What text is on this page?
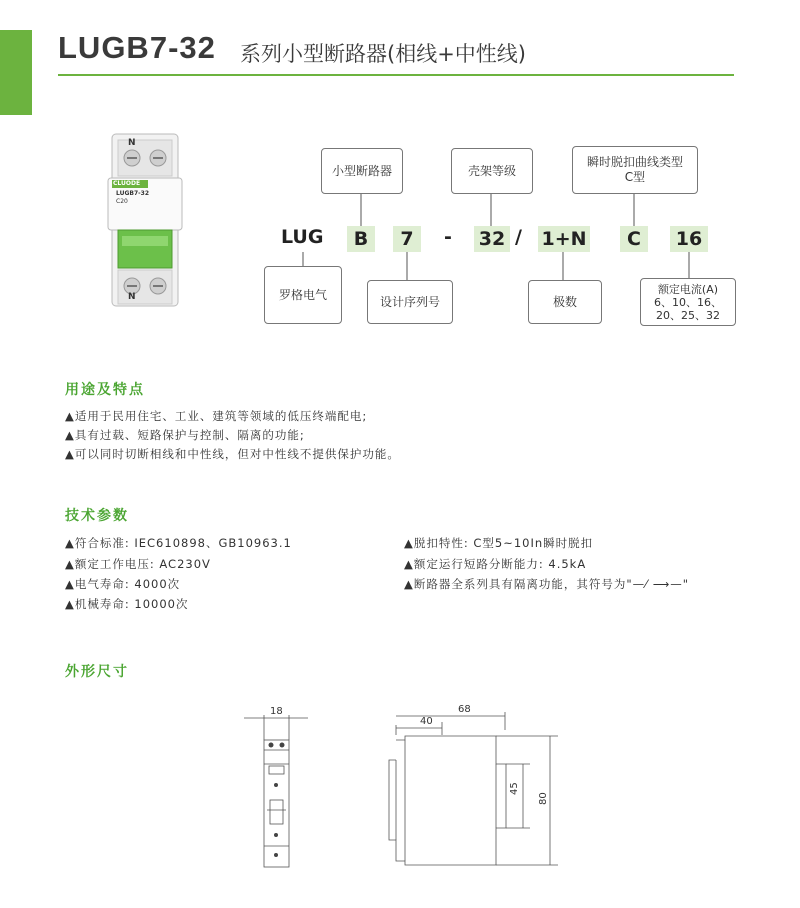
LUGB7-32 系列小型断路器(相线+中性线)
N
N
CLUODE
LUGB7-32
C20
小型断路器	壳架等级
瞬时脱扣曲线类型
C型
LUG	B	7	- 32 / 1+N	C	16
罗格电气	设计序列号	极数
额定电流(A)
6、10、16、
20、25、32
用途及特点
▲适用于民用住宅、工业、建筑等领域的低压终端配电;
▲具有过载、短路保护与控制、隔离的功能;
▲可以同时切断相线和中性线，但对中性线不提供保护功能。
技术参数
▲符合标准: IEC610898、GB10963.1
▲额定工作电压: AC230V
▲电气寿命: 4000次
▲机械寿命: 10000次
▲脱扣特性: C型5~10In瞬时脱扣
▲额定运行短路分断能力: 4.5kA
▲断路器全系列具有隔离功能，其符号为"—⁄ ⟶—"
外形尺寸
18	68
40
45
80
